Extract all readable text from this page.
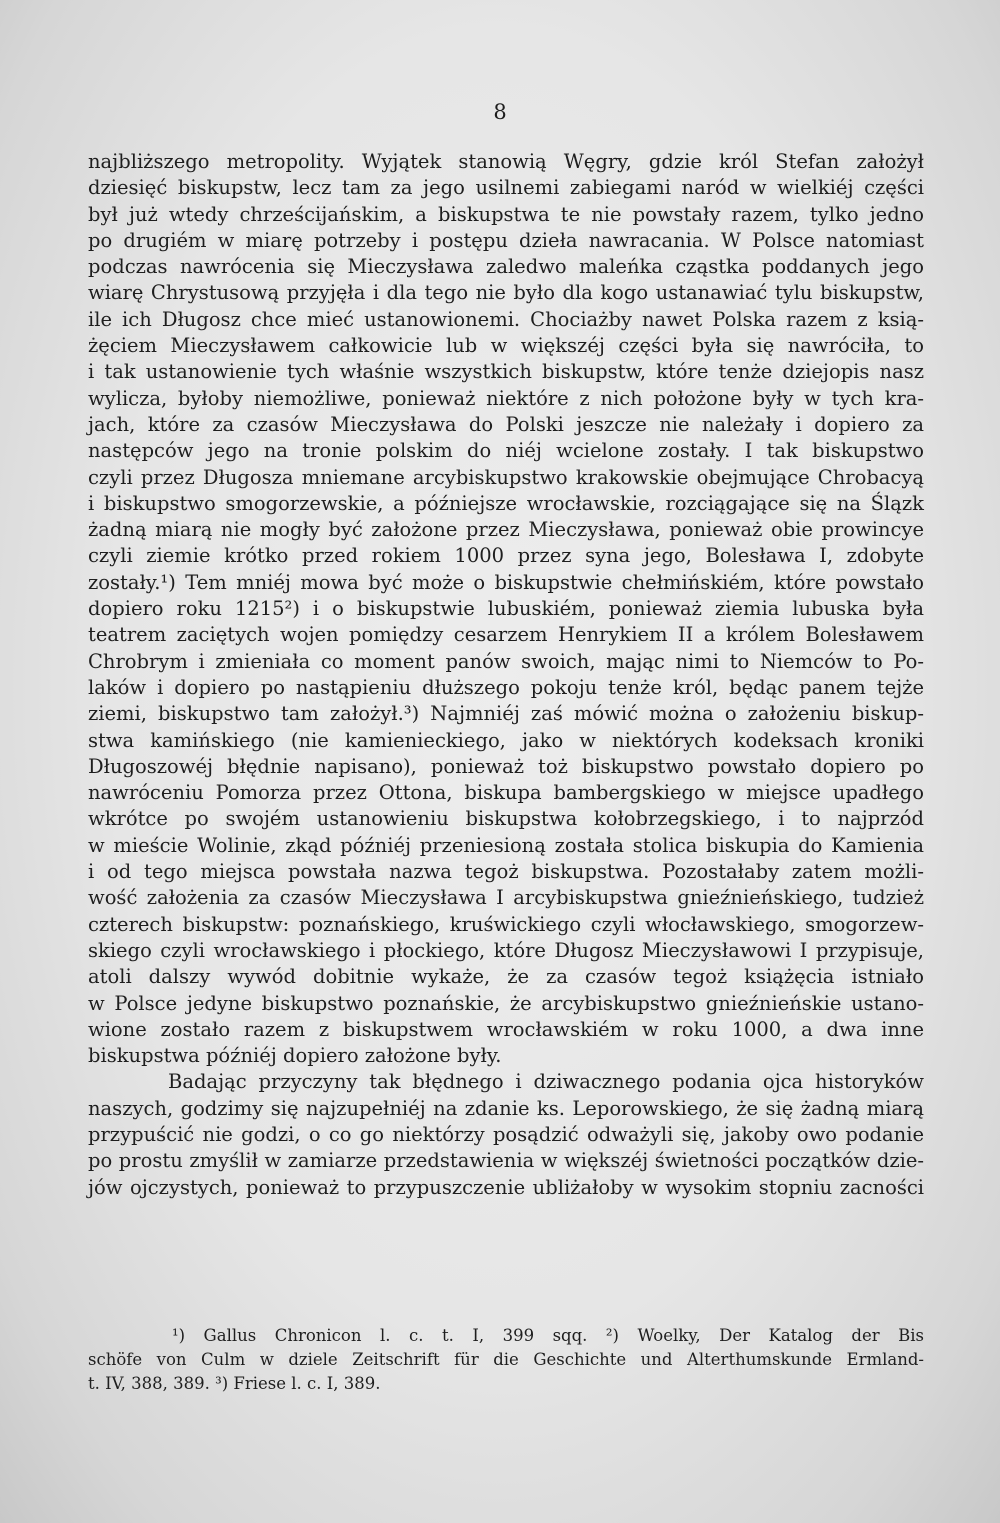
8
najbliższego metropolity. Wyjątek stanowią Węgry, gdzie król Stefan założył
dziesięć biskupstw, lecz tam za jego usilnemi zabiegami naród w wielkiéj części
był już wtedy chrześcijańskim, a biskupstwa te nie powstały razem, tylko jedno
po drugiém w miarę potrzeby i postępu dzieła nawracania. W Polsce natomiast
podczas nawrócenia się Mieczysława zaledwo maleńka cząstka poddanych jego
wiarę Chrystusową przyjęła i dla tego nie było dla kogo ustanawiać tylu biskupstw,
ile ich Długosz chce mieć ustanowionemi. Chociażby nawet Polska razem z ksią-
żęciem Mieczysławem całkowicie lub w większéj części była się nawróciła, to
i tak ustanowienie tych właśnie wszystkich biskupstw, które tenże dziejopis nasz
wylicza, byłoby niemożliwe, ponieważ niektóre z nich położone były w tych kra-
jach, które za czasów Mieczysława do Polski jeszcze nie należały i dopiero za
następców jego na tronie polskim do niéj wcielone zostały. I tak biskupstwo
czyli przez Długosza mniemane arcybiskupstwo krakowskie obejmujące Chrobacyą
i biskupstwo smogorzewskie, a późniejsze wrocławskie, rozciągające się na Ślązk
żadną miarą nie mogły być założone przez Mieczysława, ponieważ obie prowincye
czyli ziemie krótko przed rokiem 1000 przez syna jego, Bolesława I, zdobyte
zostały.¹) Tem mniéj mowa być może o biskupstwie chełmińskiém, które powstało
dopiero roku 1215²) i o biskupstwie lubuskiém, ponieważ ziemia lubuska była
teatrem zaciętych wojen pomiędzy cesarzem Henrykiem II a królem Bolesławem
Chrobrym i zmieniała co moment panów swoich, mając nimi to Niemców to Po-
laków i dopiero po nastąpieniu dłuższego pokoju tenże król, będąc panem tejże
ziemi, biskupstwo tam założył.³) Najmniéj zaś mówić można o założeniu biskup-
stwa kamińskiego (nie kamienieckiego, jako w niektórych kodeksach kroniki
Długoszowéj błędnie napisano), ponieważ toż biskupstwo powstało dopiero po
nawróceniu Pomorza przez Ottona, biskupa bambergskiego w miejsce upadłego
wkrótce po swojém ustanowieniu biskupstwa kołobrzegskiego, i to najprzód
w mieście Wolinie, zkąd późniéj przeniesioną została stolica biskupia do Kamienia
i od tego miejsca powstała nazwa tegoż biskupstwa. Pozostałaby zatem możli-
wość założenia za czasów Mieczysława I arcybiskupstwa gnieźnieńskiego, tudzież
czterech biskupstw: poznańskiego, kruświckiego czyli włocławskiego, smogorzew-
skiego czyli wrocławskiego i płockiego, które Długosz Mieczysławowi I przypisuje,
atoli dalszy wywód dobitnie wykaże, że za czasów tegoż książęcia istniało
w Polsce jedyne biskupstwo poznańskie, że arcybiskupstwo gnieźnieńskie ustano-
wione zostało razem z biskupstwem wrocławskiém w roku 1000, a dwa inne
biskupstwa późniéj dopiero założone były.
Badając przyczyny tak błędnego i dziwacznego podania ojca historyków
naszych, godzimy się najzupełniéj na zdanie ks. Leporowskiego, że się żadną miarą
przypuścić nie godzi, o co go niektórzy posądzić odważyli się, jakoby owo podanie
po prostu zmyślił w zamiarze przedstawienia w większéj świetności początków dzie-
jów ojczystych, ponieważ to przypuszczenie ubliżałoby w wysokim stopniu zacności
¹) Gallus Chronicon l. c. t. I, 399 sqq. ²) Woelky, Der Katalog der Bis
schöfe von Culm w dziele Zeitschrift für die Geschichte und Alterthumskunde Ermland-
t. IV, 388, 389. ³) Friese l. c. I, 389.
